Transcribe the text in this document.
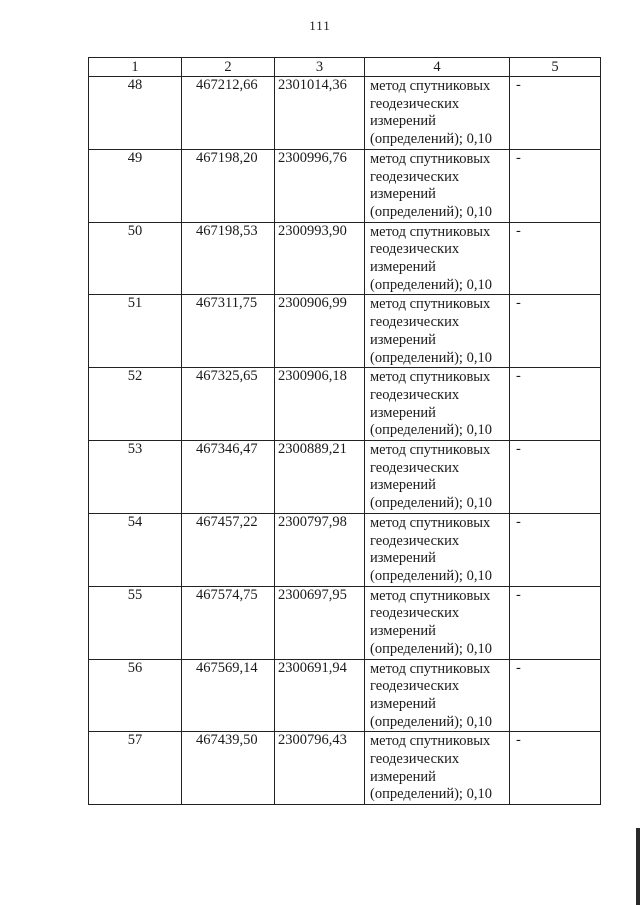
111
1	2	3	4	5
48	467212,66	2301014,36	метод спутниковых геодезических измерений (определений); 0,10	-
49	467198,20	2300996,76	метод спутниковых геодезических измерений (определений); 0,10	-
50	467198,53	2300993,90	метод спутниковых геодезических измерений (определений); 0,10	-
51	467311,75	2300906,99	метод спутниковых геодезических измерений (определений); 0,10	-
52	467325,65	2300906,18	метод спутниковых геодезических измерений (определений); 0,10	-
53	467346,47	2300889,21	метод спутниковых геодезических измерений (определений); 0,10	-
54	467457,22	2300797,98	метод спутниковых геодезических измерений (определений); 0,10	-
55	467574,75	2300697,95	метод спутниковых геодезических измерений (определений); 0,10	-
56	467569,14	2300691,94	метод спутниковых геодезических измерений (определений); 0,10	-
57	467439,50	2300796,43	метод спутниковых геодезических измерений (определений); 0,10	-
